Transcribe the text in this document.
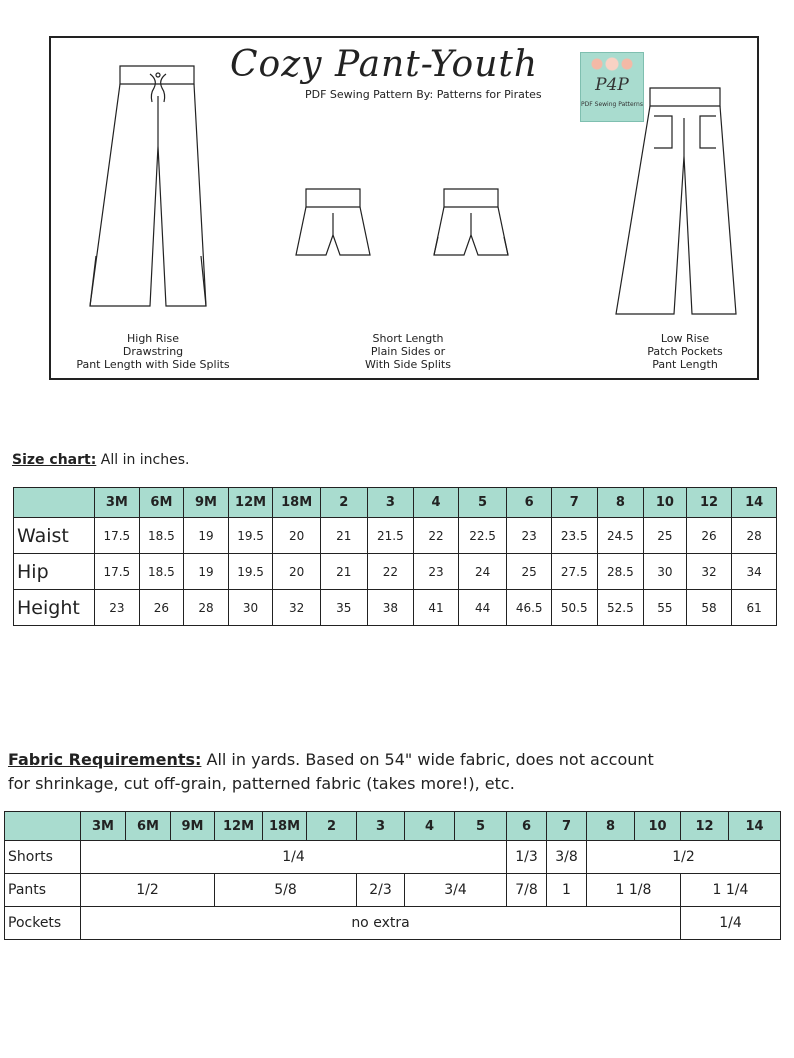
Cozy Pant-Youth
PDF Sewing Pattern By: Patterns for Pirates	P4P
PDF Sewing Patterns
High Rise
Drawstring
Pant Length with Side Splits
Short Length
Plain Sides or
With Side Splits
Low Rise
Patch Pockets
Pant Length
Size chart: All in inches.
	3M	6M	9M	12M	18M	2	3	4	5	6	7	8	10	12	14
Waist	17.5	18.5	19	19.5	20	21	21.5	22	22.5	23	23.5	24.5	25	26	28
Hip	17.5	18.5	19	19.5	20	21	22	23	24	25	27.5	28.5	30	32	34
Height	23	26	28	30	32	35	38	41	44	46.5	50.5	52.5	55	58	61
Fabric Requirements: All in yards. Based on 54" wide fabric, does not account
for shrinkage, cut off-grain, patterned fabric (takes more!), etc.
	3M	6M	9M	12M	18M	2	3	4	5	6	7	8	10	12	14
Shorts	1/4									1/3	3/8	1/2			
Pants	1/2			5/8			2/3	3/4		7/8	1	1 1/8		1 1/4	
Pockets	no extra													1/4	
